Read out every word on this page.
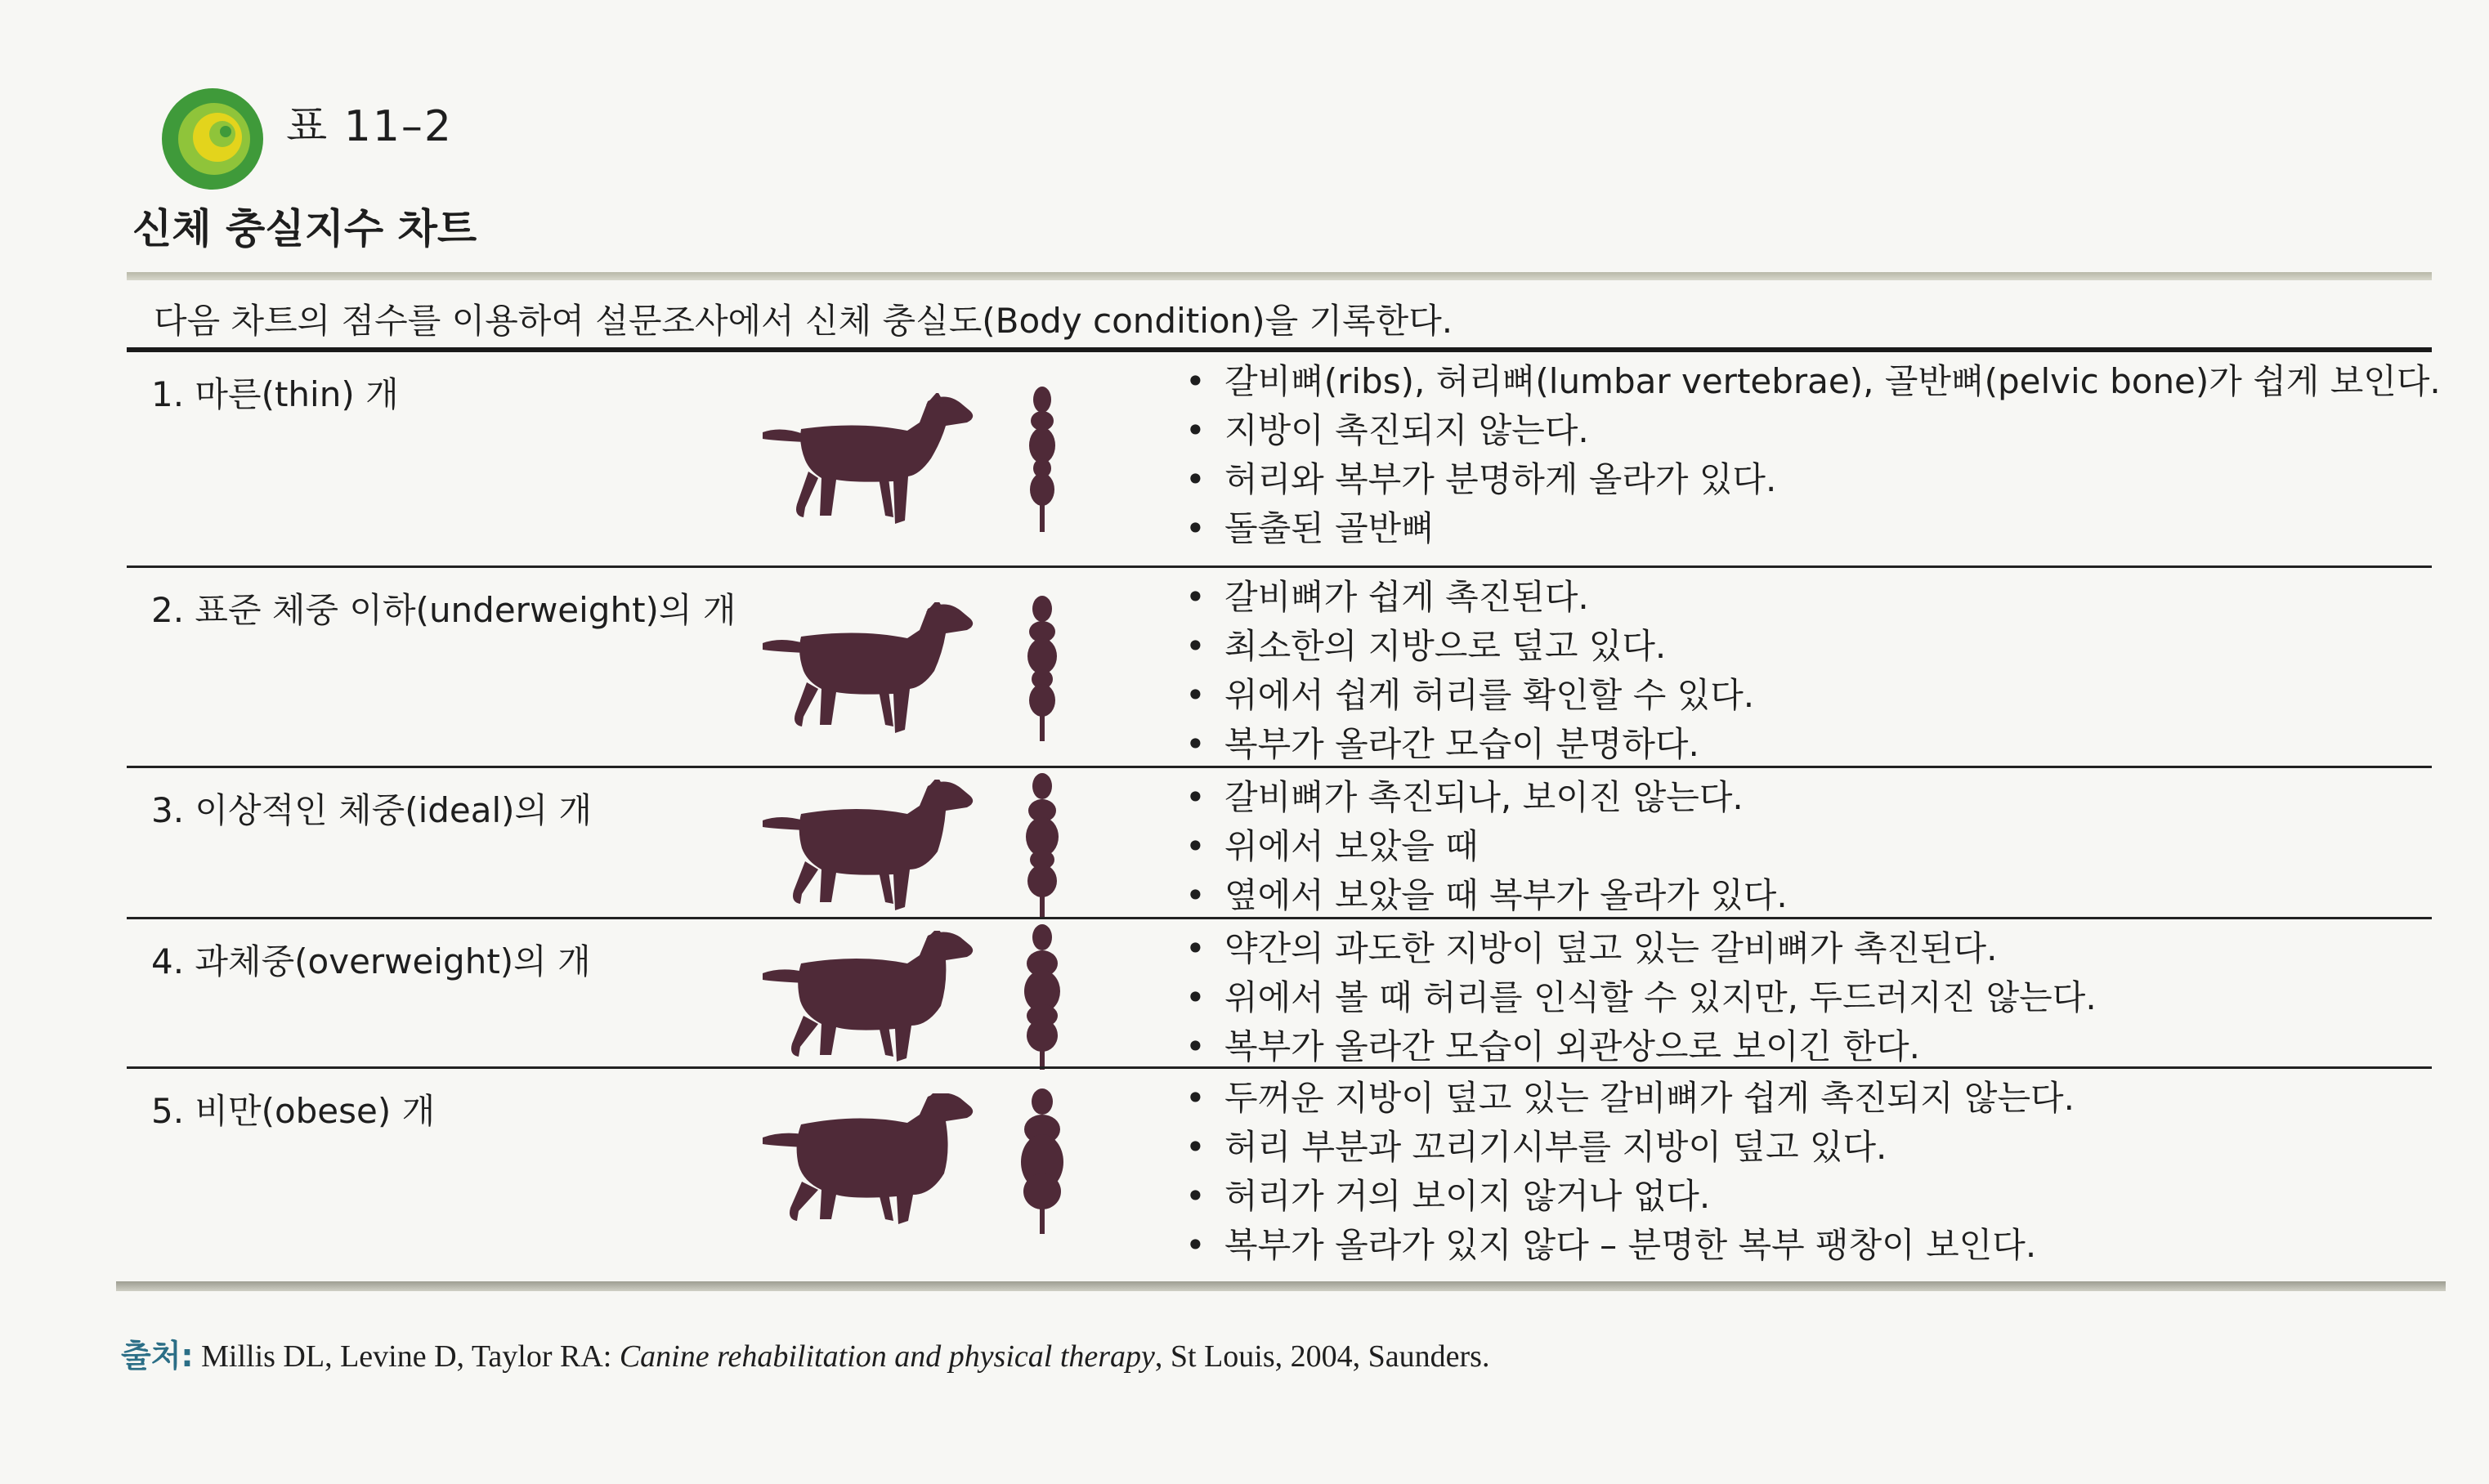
표 11–2
신체 충실지수 차트
다음 차트의 점수를 이용하여 설문조사에서 신체 충실도(Body condition)을 기록한다.
1. 마른(thin) 개	• 갈비뼈(ribs), 허리뼈(lumbar vertebrae), 골반뼈(pelvic bone)가 쉽게 보인다.
• 지방이 촉진되지 않는다.
• 허리와 복부가 분명하게 올라가 있다.
• 돌출된 골반뼈
2. 표준 체중 이하(underweight)의 개	• 갈비뼈가 쉽게 촉진된다.
• 최소한의 지방으로 덮고 있다.
• 위에서 쉽게 허리를 확인할 수 있다.
• 복부가 올라간 모습이 분명하다.
3. 이상적인 체중(ideal)의 개	• 갈비뼈가 촉진되나, 보이진 않는다.
• 위에서 보았을 때
• 옆에서 보았을 때 복부가 올라가 있다.
4. 과체중(overweight)의 개	• 약간의 과도한 지방이 덮고 있는 갈비뼈가 촉진된다.
• 위에서 볼 때 허리를 인식할 수 있지만, 두드러지진 않는다.
• 복부가 올라간 모습이 외관상으로 보이긴 한다.
5. 비만(obese) 개	• 두꺼운 지방이 덮고 있는 갈비뼈가 쉽게 촉진되지 않는다.
• 허리 부분과 꼬리기시부를 지방이 덮고 있다.
• 허리가 거의 보이지 않거나 없다.
• 복부가 올라가 있지 않다 – 분명한 복부 팽창이 보인다.
출처: Millis DL, Levine D, Taylor RA: Canine rehabilitation and physical therapy, St Louis, 2004, Saunders.
